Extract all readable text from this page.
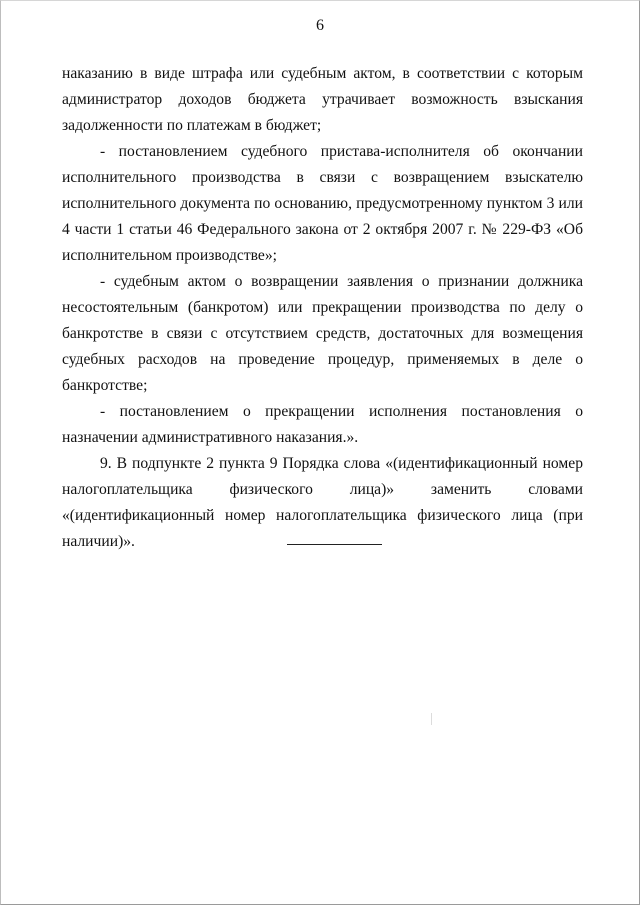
6

наказанию в виде штрафа или судебным актом, в соответствии с которым администратор доходов бюджета утрачивает возможность взыскания задолженности по платежам в бюджет;

- постановлением судебного пристава-исполнителя об окончании исполнительного производства в связи с возвращением взыскателю исполнительного документа по основанию, предусмотренному пунктом 3 или 4 части 1 статьи 46 Федерального закона от 2 октября 2007 г. № 229-ФЗ «Об исполнительном производстве»;

- судебным актом о возвращении заявления о признании должника несостоятельным (банкротом) или прекращении производства по делу о банкротстве в связи с отсутствием средств, достаточных для возмещения судебных расходов на проведение процедур, применяемых в деле о банкротстве;

- постановлением о прекращении исполнения постановления о назначении административного наказания.».

9. В подпункте 2 пункта 9 Порядка слова «(идентификационный номер налогоплательщика физического лица)» заменить словами «(идентификационный номер налогоплательщика физического лица (при наличии)».
